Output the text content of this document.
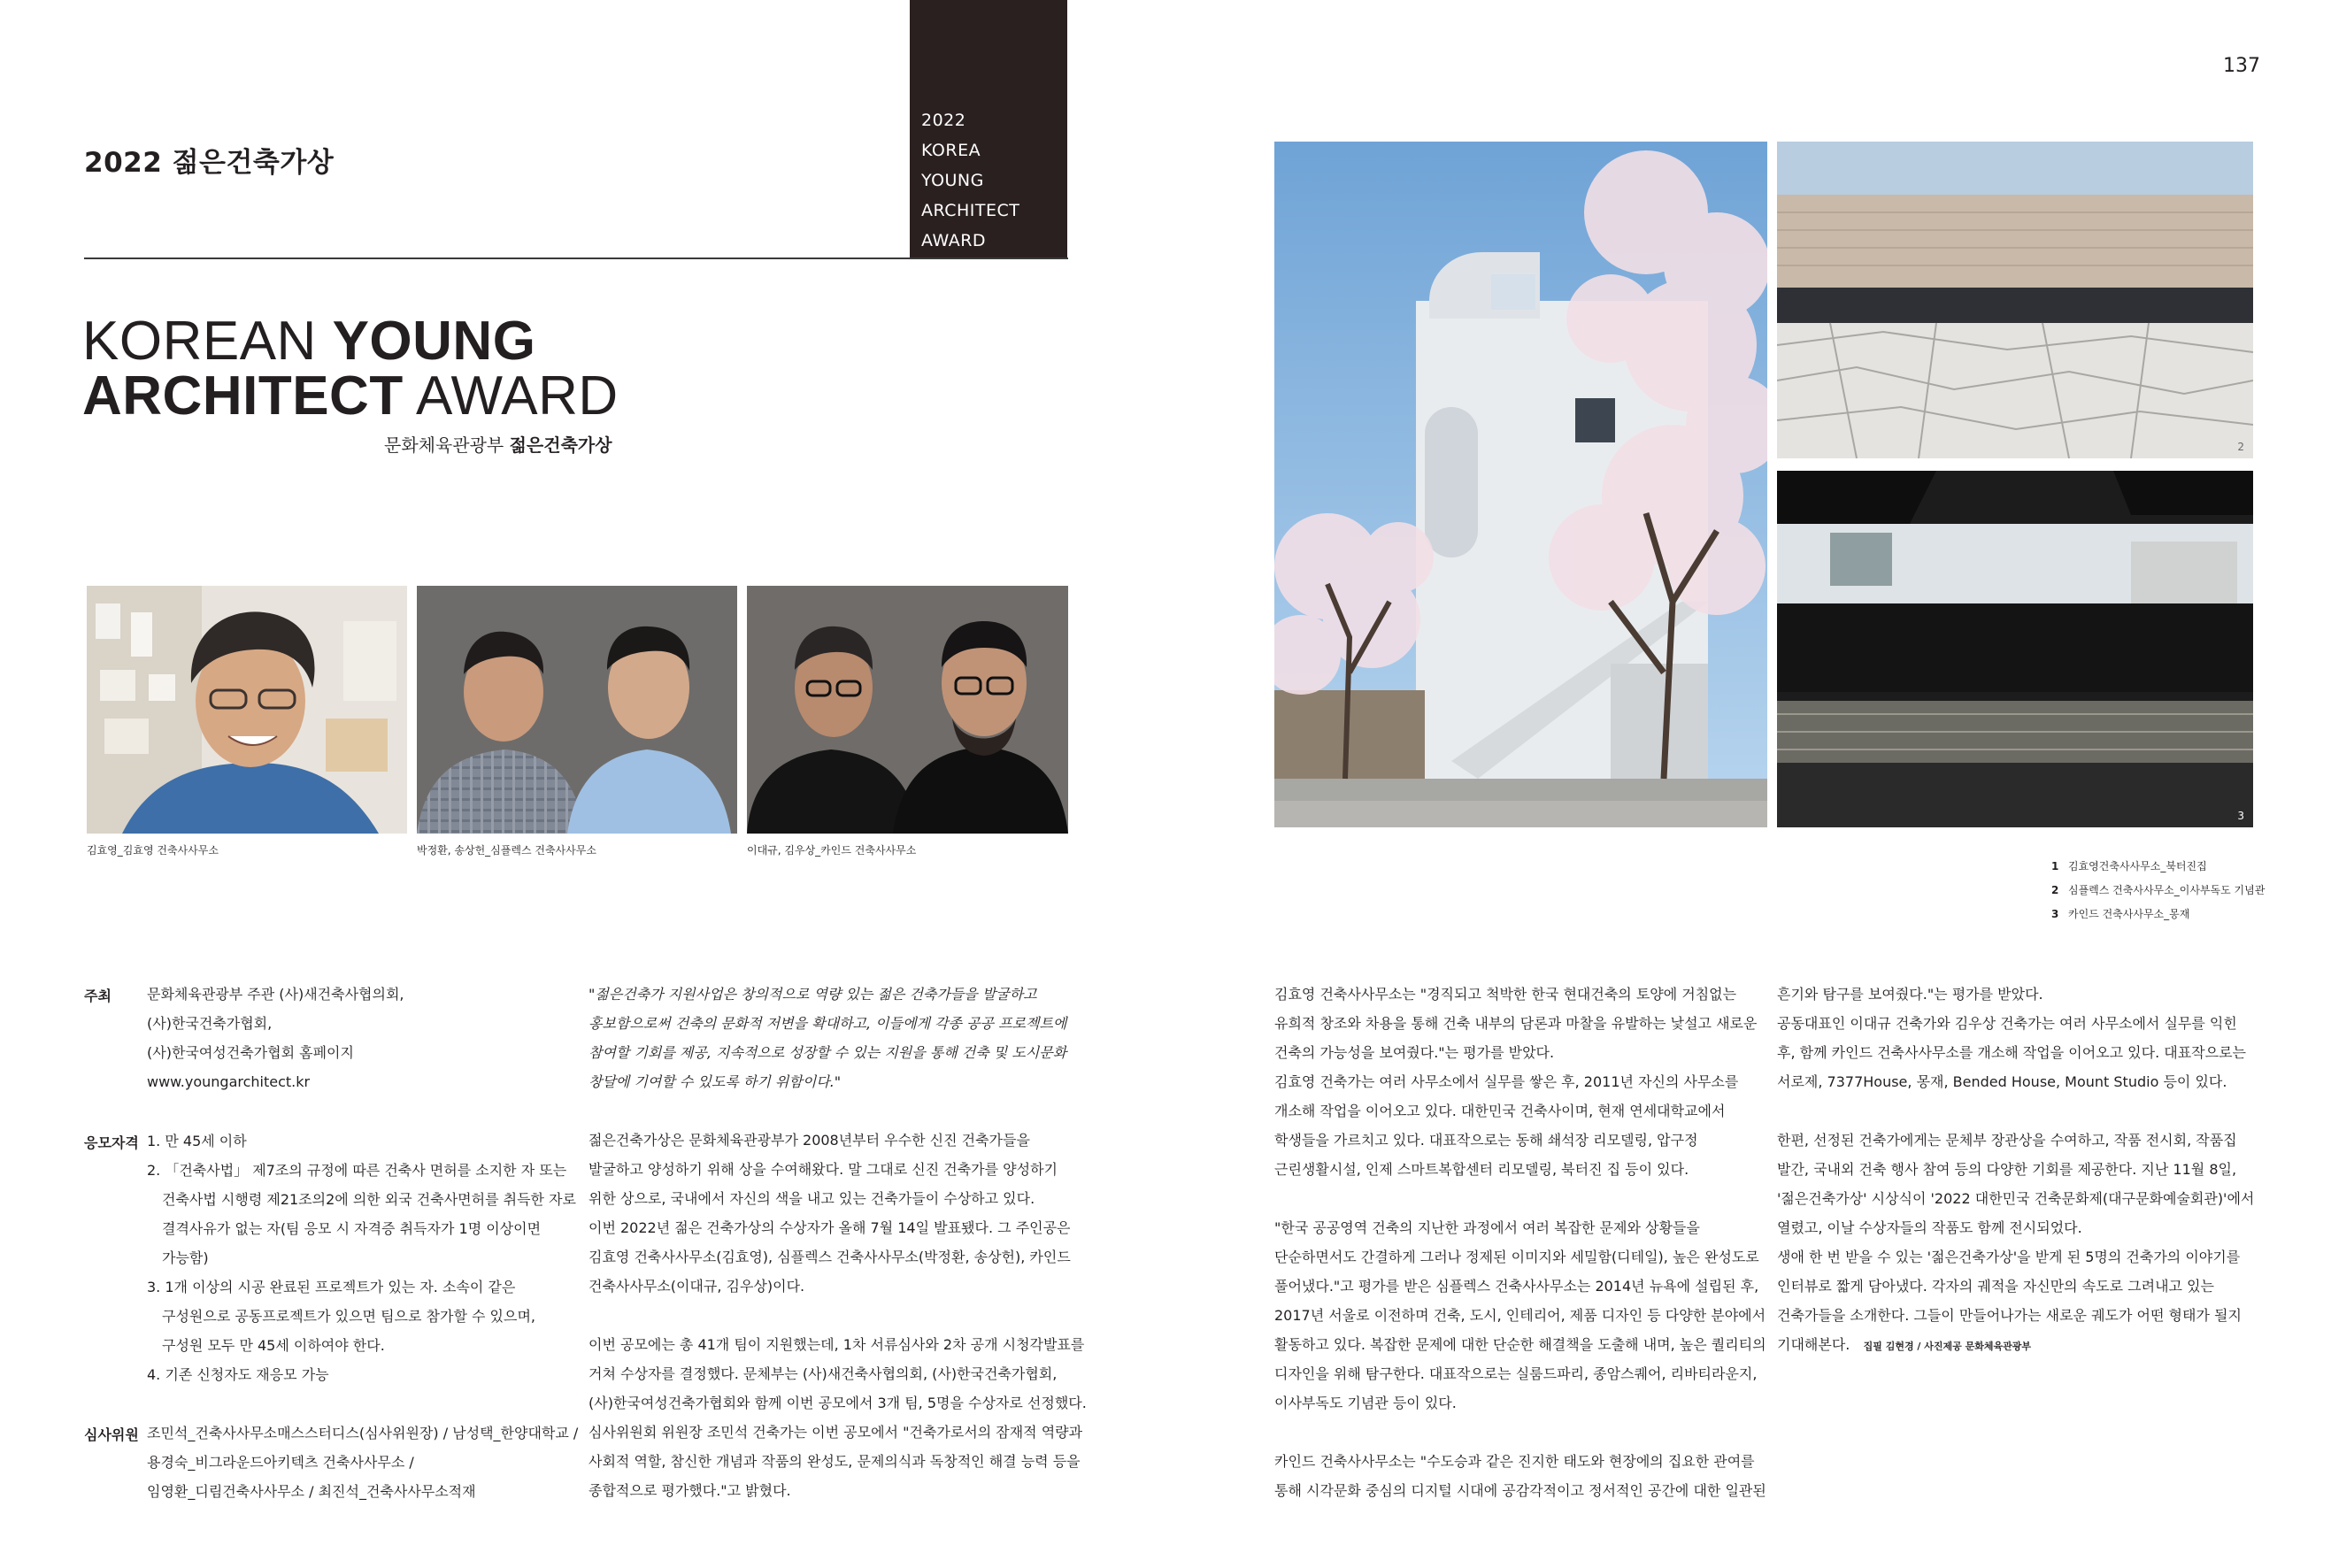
2022
KOREA
YOUNG
ARCHITECT
AWARD
2022 젊은건축가상
137
KOREAN YOUNG
ARCHITECT AWARD
문화체육관광부 젊은건축가상
김효영_김효영 건축사사무소	박정환, 송상헌_심플렉스 건축사사무소	이대규, 김우상_카인드 건축사사무소
2
3
1 김효영건축사사무소_북터진집
2 심플렉스 건축사사무소_이사부독도 기념관
3 카인드 건축사사무소_몽재
주최	문화체육관광부 주관 (사)새건축사협의회,

(사)한국건축가협회,

(사)한국여성건축가협회 홈페이지

www.youngarchitect.kr

응모자격 1. 만 45세 이하

2. 「건축사법」 제7조의 규정에 따른 건축사 면허를 소지한 자 또는

건축사법 시행령 제21조의2에 의한 외국 건축사면허를 취득한 자로

결격사유가 없는 자(팀 응모 시 자격증 취득자가 1명 이상이면

가능함)

3. 1개 이상의 시공 완료된 프로젝트가 있는 자. 소속이 같은

구성원으로 공동프로젝트가 있으면 팀으로 참가할 수 있으며,

구성원 모두 만 45세 이하여야 한다.

4. 기존 신청자도 재응모 가능

심사위원 조민석_건축사사무소매스스터디스(심사위원장) / 남성택_한양대학교 /

용경숙_비그라운드아키텍츠 건축사사무소 /

임영환_디림건축사사무소 / 최진석_건축사사무소적재

"젊은건축가 지원사업은 창의적으로 역량 있는 젊은 건축가들을 발굴하고

홍보함으로써 건축의 문화적 저변을 확대하고, 이들에게 각종 공공 프로젝트에

참여할 기회를 제공, 지속적으로 성장할 수 있는 지원을 통해 건축 및 도시문화

창달에 기여할 수 있도록 하기 위함이다."

젊은건축가상은 문화체육관광부가 2008년부터 우수한 신진 건축가들을

발굴하고 양성하기 위해 상을 수여해왔다. 말 그대로 신진 건축가를 양성하기

위한 상으로, 국내에서 자신의 색을 내고 있는 건축가들이 수상하고 있다.

이번 2022년 젊은 건축가상의 수상자가 올해 7월 14일 발표됐다. 그 주인공은

김효영 건축사사무소(김효영), 심플렉스 건축사사무소(박정환, 송상헌), 카인드

건축사사무소(이대규, 김우상)이다.

이번 공모에는 총 41개 팀이 지원했는데, 1차 서류심사와 2차 공개 시청각발표를

거쳐 수상자를 결정했다. 문체부는 (사)새건축사협의회, (사)한국건축가협회,

(사)한국여성건축가협회와 함께 이번 공모에서 3개 팀, 5명을 수상자로 선정했다.

심사위원회 위원장 조민석 건축가는 이번 공모에서 "건축가로서의 잠재적 역량과

사회적 역할, 참신한 개념과 작품의 완성도, 문제의식과 독창적인 해결 능력 등을

종합적으로 평가했다."고 밝혔다.

김효영 건축사사무소는 "경직되고 척박한 한국 현대건축의 토양에 거침없는

유희적 창조와 차용을 통해 건축 내부의 담론과 마찰을 유발하는 낯설고 새로운

건축의 가능성을 보여줬다."는 평가를 받았다.

김효영 건축가는 여러 사무소에서 실무를 쌓은 후, 2011년 자신의 사무소를

개소해 작업을 이어오고 있다. 대한민국 건축사이며, 현재 연세대학교에서

학생들을 가르치고 있다. 대표작으로는 동해 쇄석장 리모델링, 압구정

근린생활시설, 인제 스마트복합센터 리모델링, 북터진 집 등이 있다.

"한국 공공영역 건축의 지난한 과정에서 여러 복잡한 문제와 상황들을

단순하면서도 간결하게 그러나 정제된 이미지와 세밀함(디테일), 높은 완성도로

풀어냈다."고 평가를 받은 심플렉스 건축사사무소는 2014년 뉴욕에 설립된 후,

2017년 서울로 이전하며 건축, 도시, 인테리어, 제품 디자인 등 다양한 분야에서

활동하고 있다. 복잡한 문제에 대한 단순한 해결책을 도출해 내며, 높은 퀄리티의

디자인을 위해 탐구한다. 대표작으로는 실룸드파리, 종암스퀘어, 리바티라운지,

이사부독도 기념관 등이 있다.

카인드 건축사사무소는 "수도승과 같은 진지한 태도와 현장에의 집요한 관여를

통해 시각문화 중심의 디지털 시대에 공감각적이고 정서적인 공간에 대한 일관된

흔기와 탐구를 보여줬다."는 평가를 받았다.

공동대표인 이대규 건축가와 김우상 건축가는 여러 사무소에서 실무를 익힌

후, 함께 카인드 건축사사무소를 개소해 작업을 이어오고 있다. 대표작으로는

서로제, 7377House, 몽재, Bended House, Mount Studio 등이 있다.

한편, 선정된 건축가에게는 문체부 장관상을 수여하고, 작품 전시회, 작품집

발간, 국내외 건축 행사 참여 등의 다양한 기회를 제공한다. 지난 11월 8일,

'젊은건축가상' 시상식이 '2022 대한민국 건축문화제(대구문화예술회관)'에서

열렸고, 이날 수상자들의 작품도 함께 전시되었다.

생애 한 번 받을 수 있는 '젊은건축가상'을 받게 된 5명의 건축가의 이야기를

인터뷰로 짧게 담아냈다. 각자의 궤적을 자신만의 속도로 그려내고 있는

건축가들을 소개한다. 그들이 만들어나가는 새로운 궤도가 어떤 형태가 될지

기대해본다. 집필 김현경 / 사진제공 문화체육관광부
